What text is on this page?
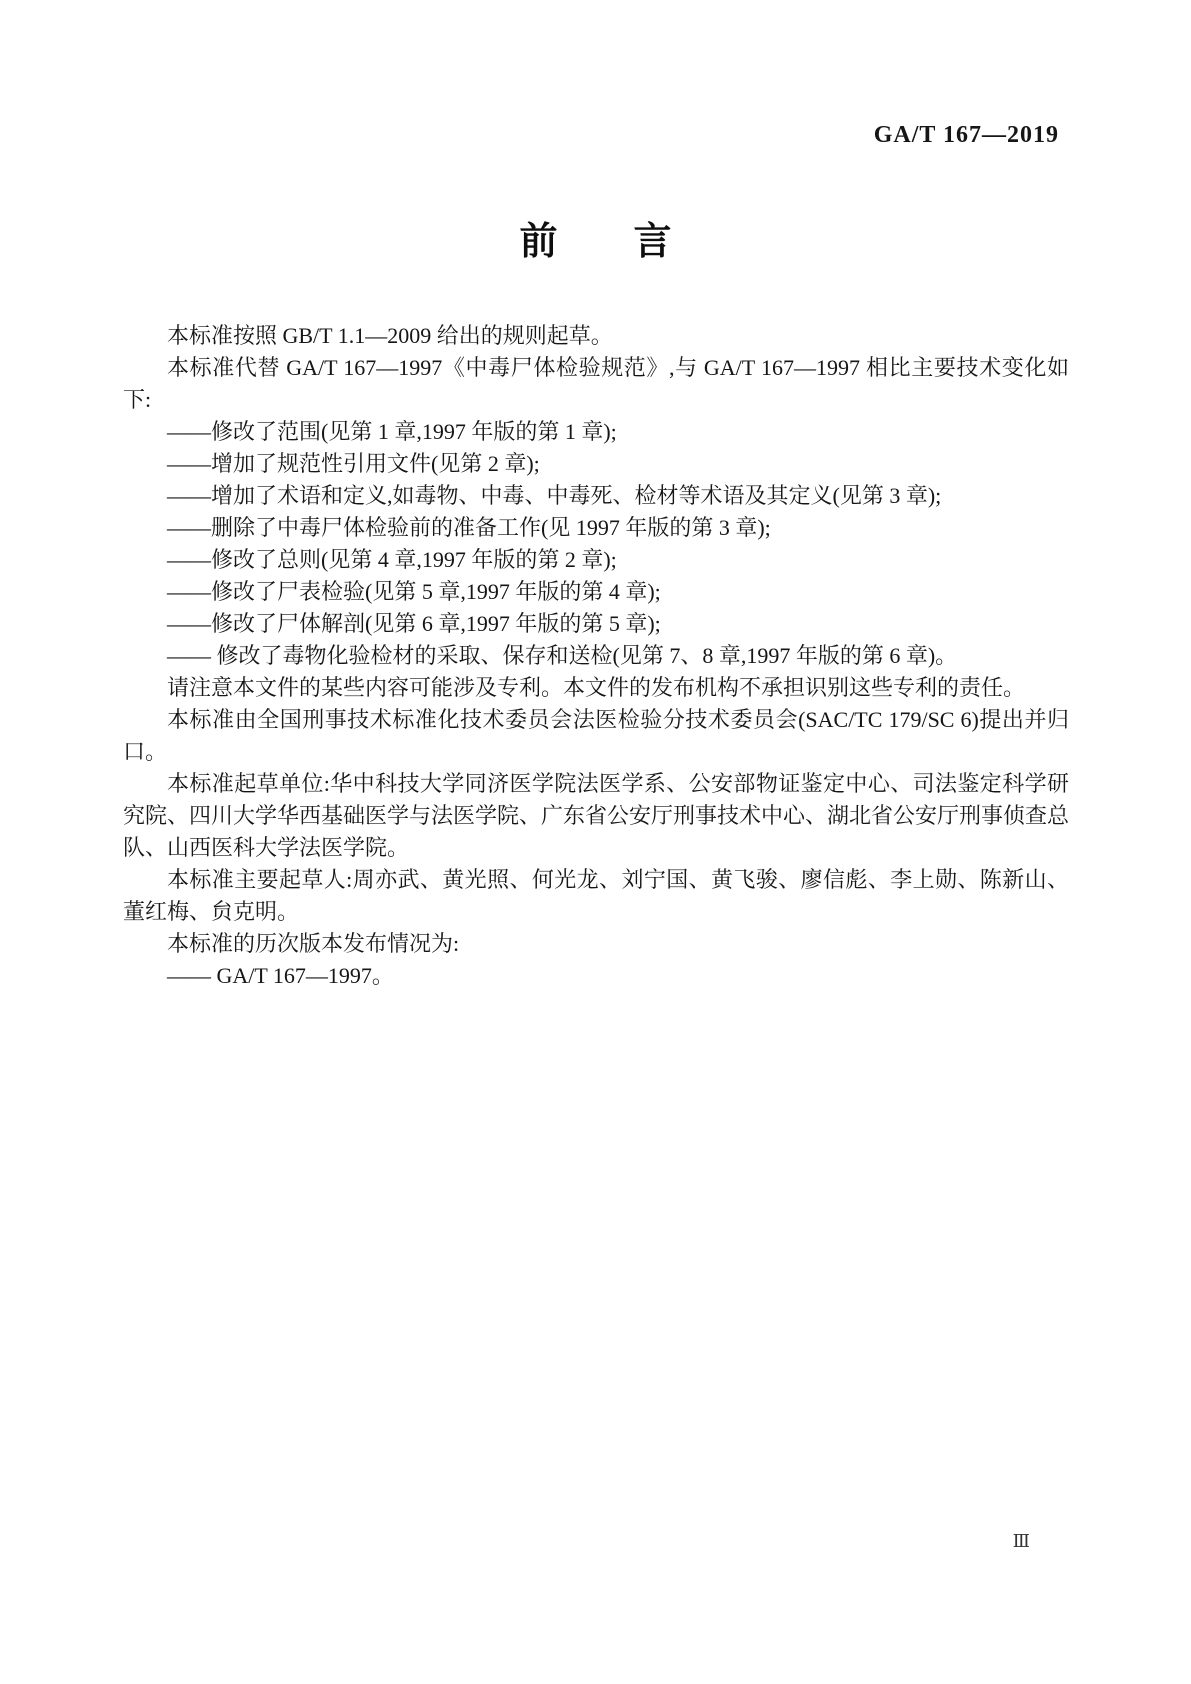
GA/T 167—2019
前　　言

本标准按照 GB/T 1.1—2009 给出的规则起草。

本标准代替 GA/T 167—1997《中毒尸体检验规范》,与 GA/T 167—1997 相比主要技术变化如下:

——修改了范围(见第 1 章,1997 年版的第 1 章);

——增加了规范性引用文件(见第 2 章);

——增加了术语和定义,如毒物、中毒、中毒死、检材等术语及其定义(见第 3 章);

——删除了中毒尸体检验前的准备工作(见 1997 年版的第 3 章);

——修改了总则(见第 4 章,1997 年版的第 2 章);

——修改了尸表检验(见第 5 章,1997 年版的第 4 章);

——修改了尸体解剖(见第 6 章,1997 年版的第 5 章);

—— 修改了毒物化验检材的采取、保存和送检(见第 7、8 章,1997 年版的第 6 章)。

请注意本文件的某些内容可能涉及专利。本文件的发布机构不承担识别这些专利的责任。

本标准由全国刑事技术标准化技术委员会法医检验分技术委员会(SAC/TC 179/SC 6)提出并归口。

本标准起草单位:华中科技大学同济医学院法医学系、公安部物证鉴定中心、司法鉴定科学研究院、四川大学华西基础医学与法医学院、广东省公安厅刑事技术中心、湖北省公安厅刑事侦查总队、山西医科大学法医学院。

本标准主要起草人:周亦武、黄光照、何光龙、刘宁国、黄飞骏、廖信彪、李上勋、陈新山、董红梅、贠克明。

本标准的历次版本发布情况为:

—— GA/T 167—1997。

Ⅲ
